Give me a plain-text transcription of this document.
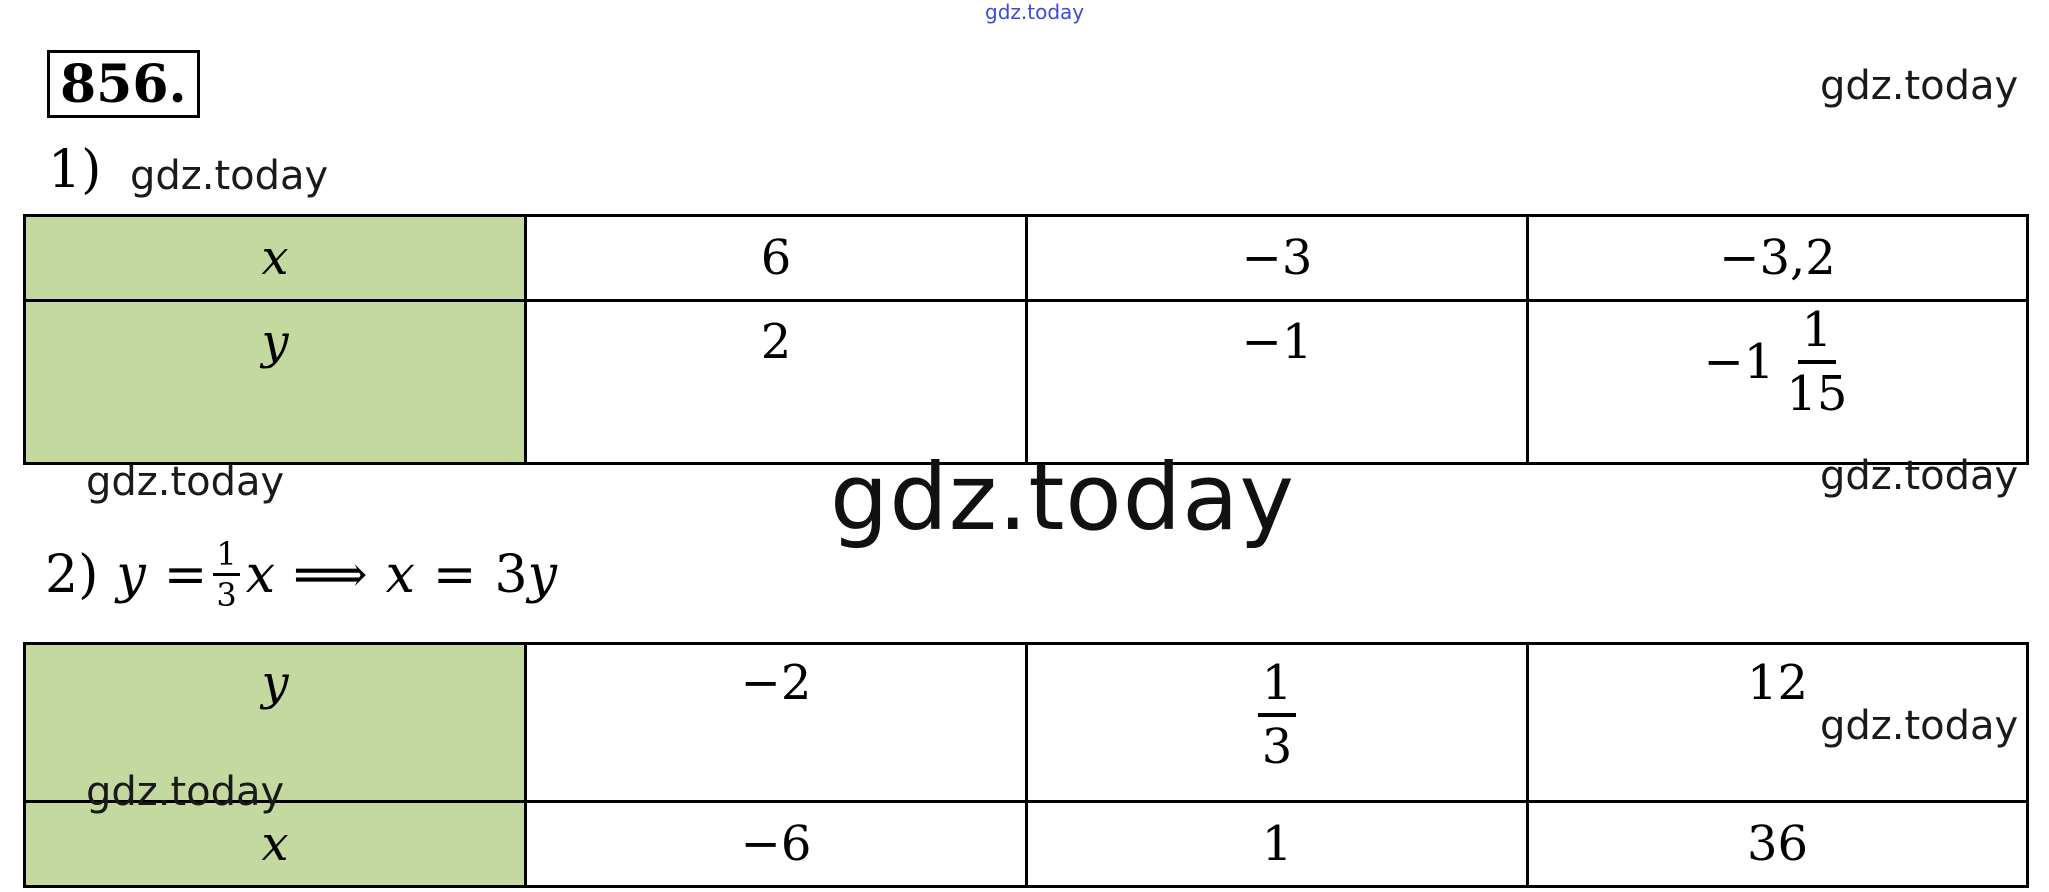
gdz.today
gdz.today
gdz.today
856.
1)
x	6	−3	−3,2
y	2	−1	$-1 \frac{1}{15}$
gdz.today	gdz.today
gdz.today
2) $y = \frac{1}{3}$ x ⟹ x = 3 y
y	−2	$\frac{1}{3}$	12
x	−6	1	36
gdz.today
gdz.today
